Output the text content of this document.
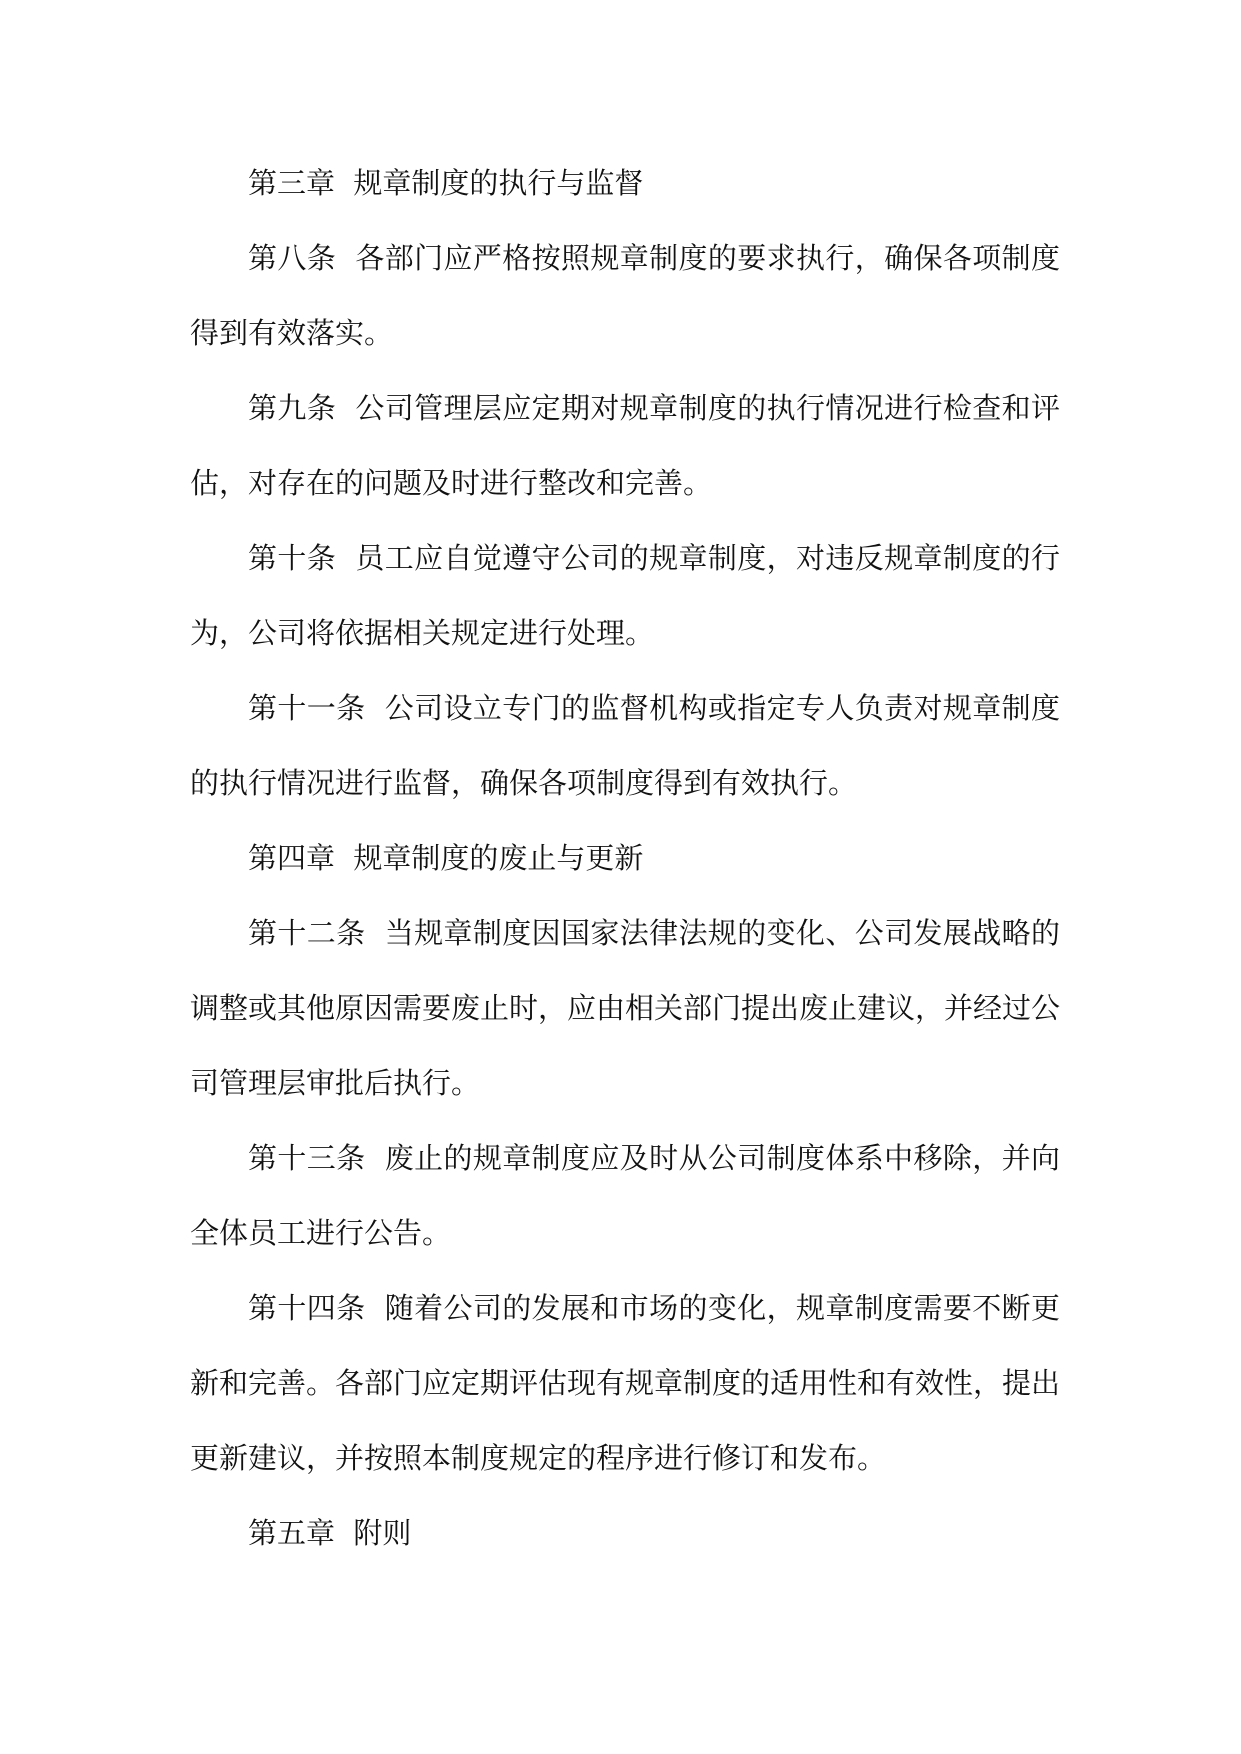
第三章  规章制度的执行与监督

第八条  各部门应严格按照规章制度的要求执行，确保各项制度得到有效落实。

第九条  公司管理层应定期对规章制度的执行情况进行检查和评估，对存在的问题及时进行整改和完善。

第十条  员工应自觉遵守公司的规章制度，对违反规章制度的行为，公司将依据相关规定进行处理。

第十一条  公司设立专门的监督机构或指定专人负责对规章制度的执行情况进行监督，确保各项制度得到有效执行。

第四章  规章制度的废止与更新

第十二条  当规章制度因国家法律法规的变化、公司发展战略的调整或其他原因需要废止时，应由相关部门提出废止建议，并经过公司管理层审批后执行。

第十三条  废止的规章制度应及时从公司制度体系中移除，并向全体员工进行公告。

第十四条  随着公司的发展和市场的变化，规章制度需要不断更新和完善。各部门应定期评估现有规章制度的适用性和有效性，提出更新建议，并按照本制度规定的程序进行修订和发布。

第五章  附则
